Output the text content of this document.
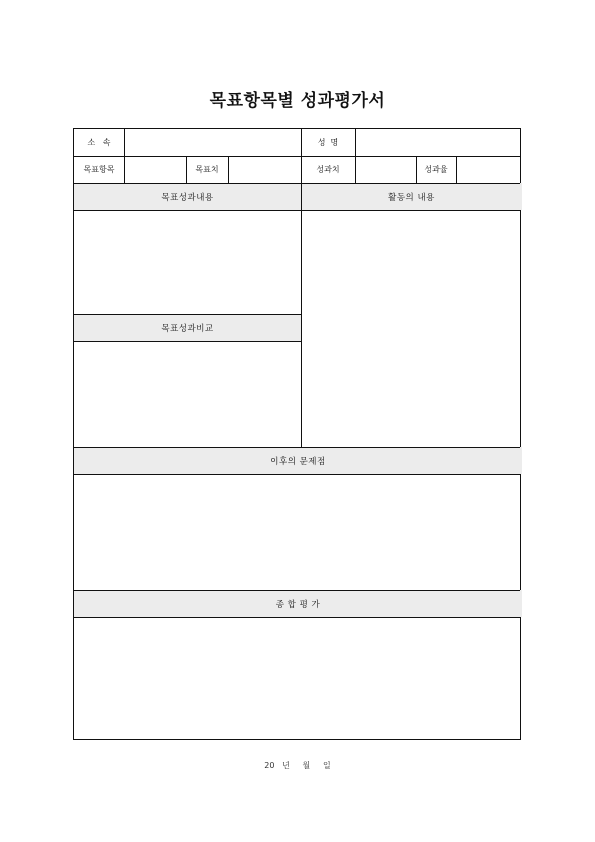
목표항목별 성과평가서
소   속	성  명
목표항목	목표치	성과치	성과율
목표성과내용	활동의 내용
목표성과비교
이후의 문제점
종 합 평 가
20   년     월     일
